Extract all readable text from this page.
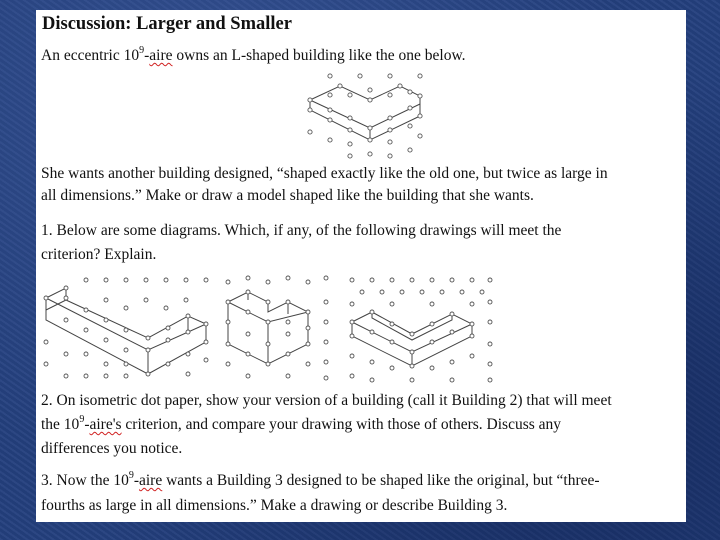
Discussion: Larger and Smaller
An eccentric $10^9$-aire owns an L-shaped building like the one below.
She wants another building designed, “shaped exactly like the old one, but twice as large in
all dimensions.” Make or draw a model shaped like the building that she wants.
1. Below are some diagrams. Which, if any, of the following drawings will meet the
criterion? Explain.
2. On isometric dot paper, show your version of a building (call it Building 2) that will meet
the $10^9-aire's$ criterion, and compare your drawing with those of others. Discuss any
differences you notice.
3. Now the $10^9$-aire wants a Building 3 designed to be shaped like the original, but “three-
fourths as large in all dimensions.” Make a drawing or describe Building 3.
